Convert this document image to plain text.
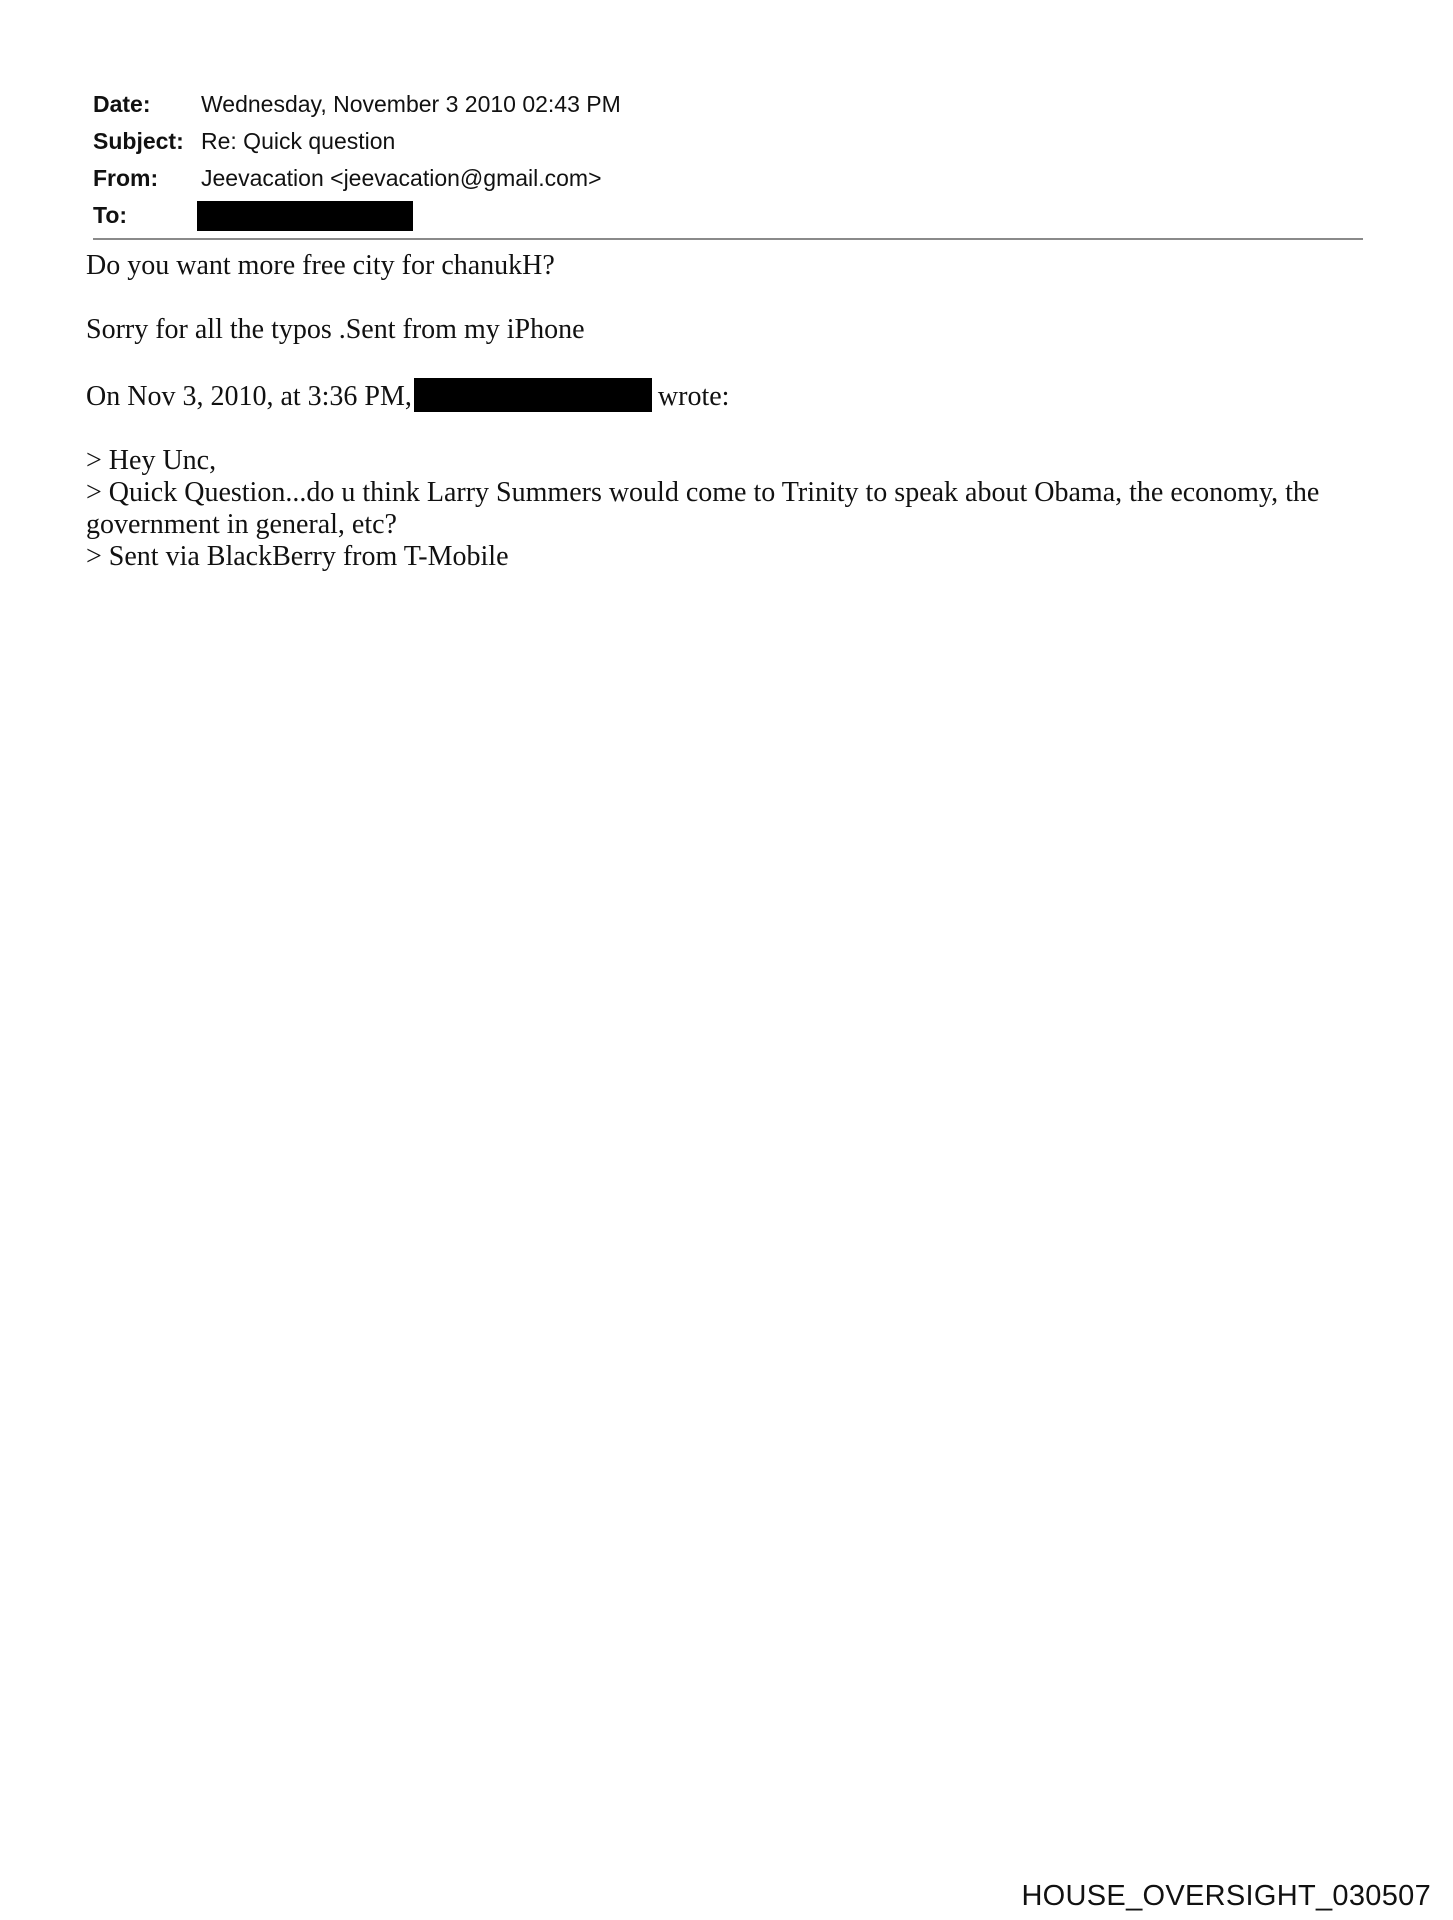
Date:	Wednesday, November 3 2010 02:43 PM
Subject: Re: Quick question
From:	Jeevacation <jeevacation@gmail.com>
To:

Do you want more free city for chanukH?

Sorry for all the typos .Sent from my iPhone

On Nov 3, 2010, at 3:36 PM,	wrote:

> Hey Unc,

> Quick Question...do u think Larry Summers would come to Trinity to speak about Obama, the economy, the government in general, etc?

> Sent via BlackBerry from T-Mobile

HOUSE_OVERSIGHT_030507
